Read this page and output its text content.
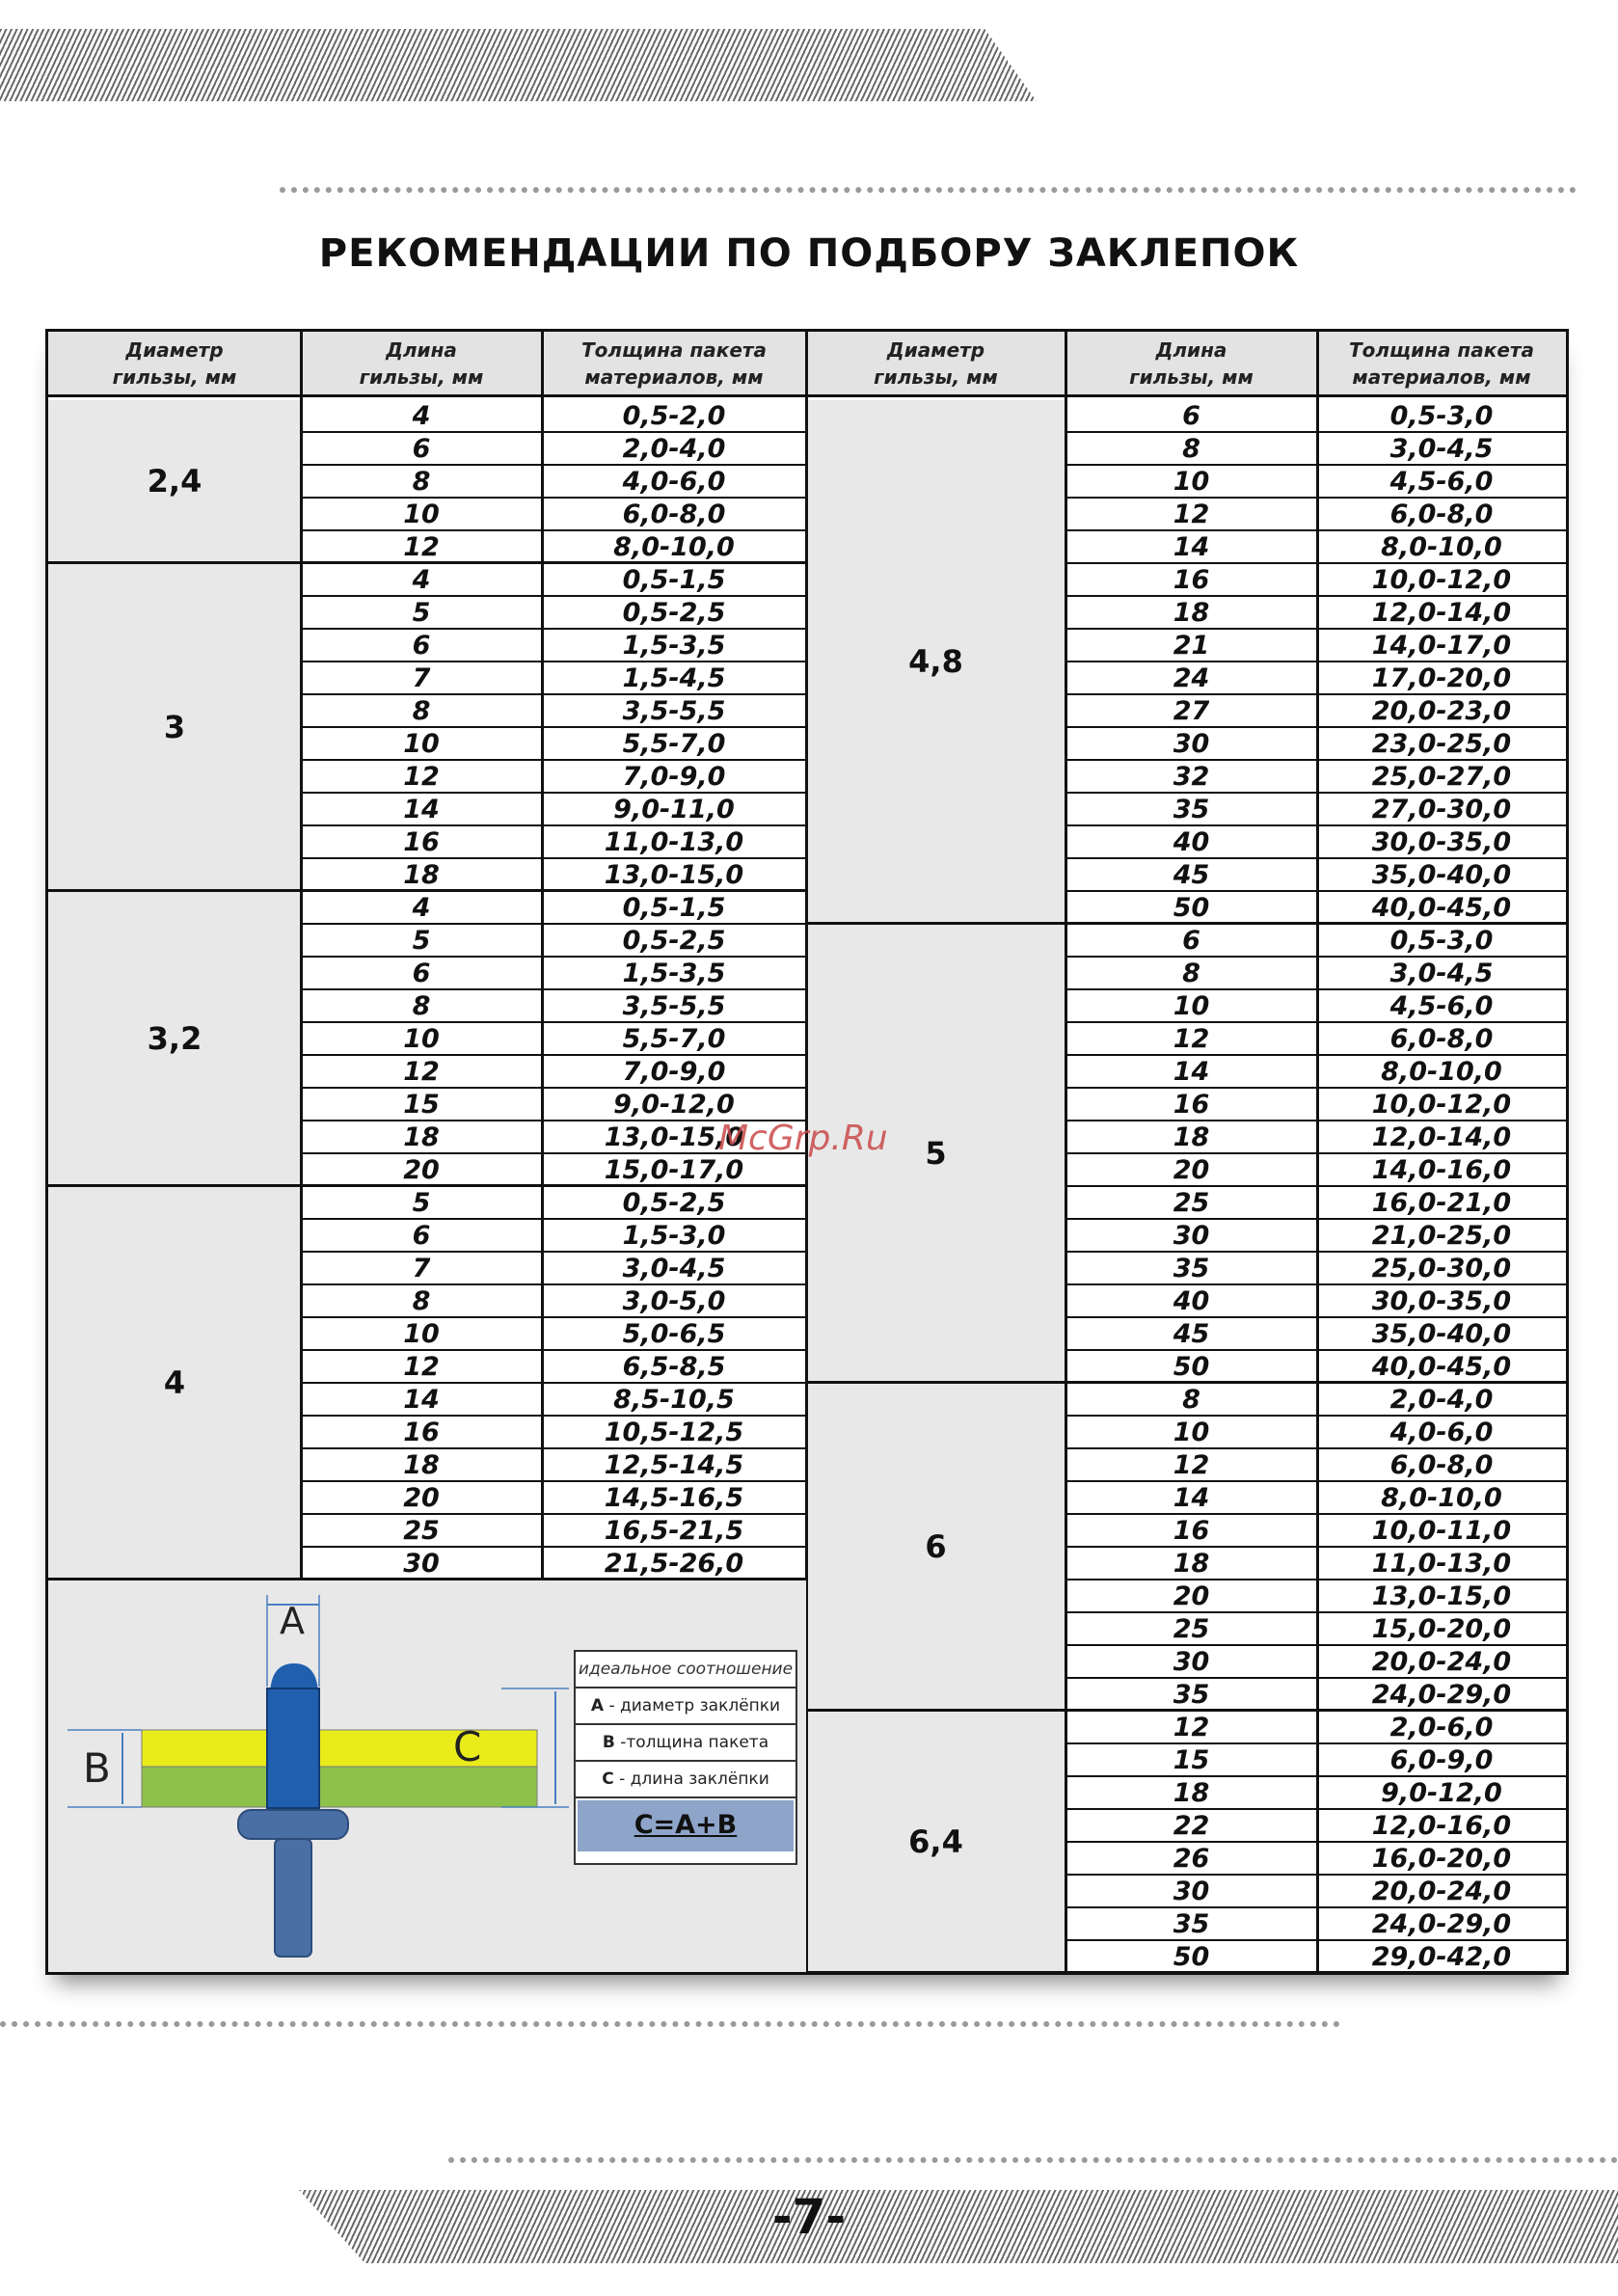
РЕКОМЕНДАЦИИ ПО ПОДБОРУ ЗАКЛЕПОК
Диаметр
гильзы, мм
2,4
3
3,2
4
Длина
гильзы, мм
4
6
8
10
12
4
5
6
7
8
10
12
14
16
18
4
5
6
8
10
12
15
18
20
5
6
7
8
10
12
14
16
18
20
25
30
Толщина пакета
материалов, мм
0,5-2,0
2,0-4,0
4,0-6,0
6,0-8,0
8,0-10,0
0,5-1,5
0,5-2,5
1,5-3,5
1,5-4,5
3,5-5,5
5,5-7,0
7,0-9,0
9,0-11,0
11,0-13,0
13,0-15,0
0,5-1,5
0,5-2,5
1,5-3,5
3,5-5,5
5,5-7,0
7,0-9,0
9,0-12,0
13,0-15,0
15,0-17,0
0,5-2,5
1,5-3,0
3,0-4,5
3,0-5,0
5,0-6,5
6,5-8,5
8,5-10,5
10,5-12,5
12,5-14,5
14,5-16,5
16,5-21,5
21,5-26,0
Диаметр
гильзы, мм
4,8
5
6
6,4
Длина
гильзы, мм
6
8
10
12
14
16
18
21
24
27
30
32
35
40
45
50
6
8
10
12
14
16
18
20
25
30
35
40
45
50
8
10
12
14
16
18
20
25
30
35
12
15
18
22
26
30
35
50
Толщина пакета
материалов, мм
0,5-3,0
3,0-4,5
4,5-6,0
6,0-8,0
8,0-10,0
10,0-12,0
12,0-14,0
14,0-17,0
17,0-20,0
20,0-23,0
23,0-25,0
25,0-27,0
27,0-30,0
30,0-35,0
35,0-40,0
40,0-45,0
0,5-3,0
3,0-4,5
4,5-6,0
6,0-8,0
8,0-10,0
10,0-12,0
12,0-14,0
14,0-16,0
16,0-21,0
21,0-25,0
25,0-30,0
30,0-35,0
35,0-40,0
40,0-45,0
2,0-4,0
4,0-6,0
6,0-8,0
8,0-10,0
10,0-11,0
11,0-13,0
13,0-15,0
15,0-20,0
20,0-24,0
24,0-29,0
2,0-6,0
6,0-9,0
9,0-12,0
12,0-16,0
16,0-20,0
20,0-24,0
24,0-29,0
29,0-42,0
A
B	C
идеальное соотношение
A - диаметр заклёпки
B -толщина пакета
C - длина заклёпки
C=A+B
McGrp.Ru
-7-
